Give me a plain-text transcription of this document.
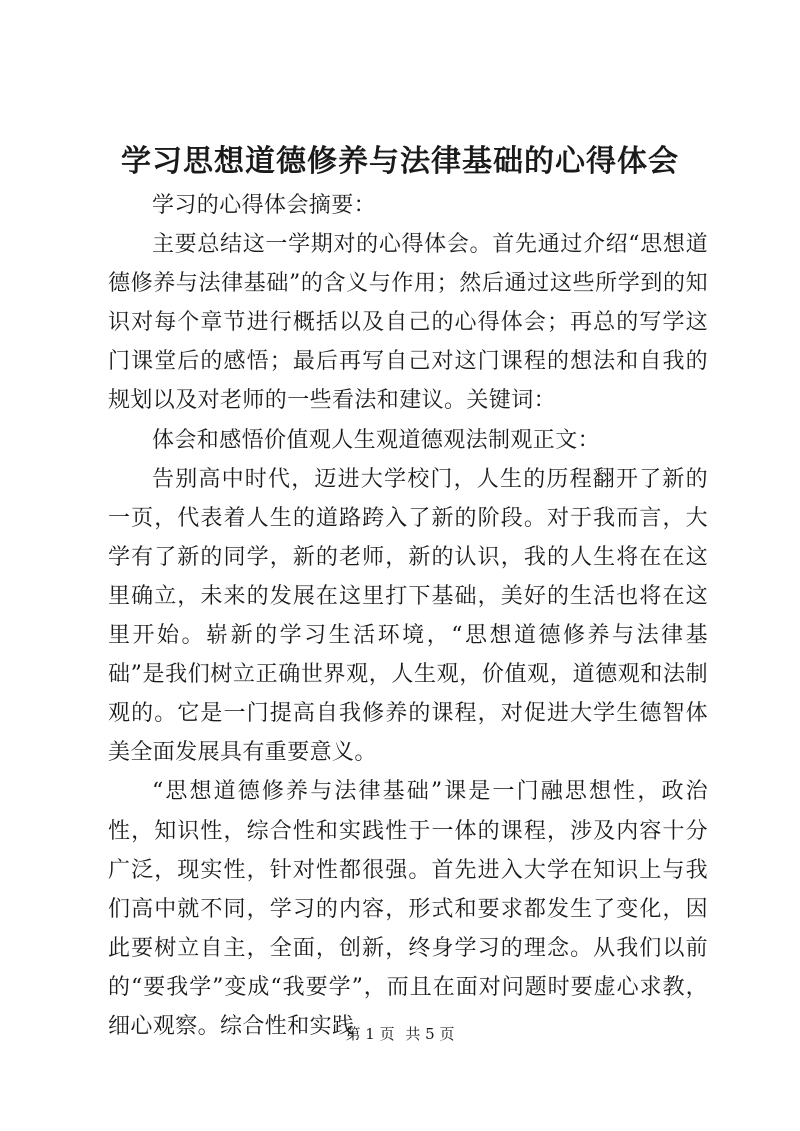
学习思想道德修养与法律基础的心得体会

学习的心得体会摘要：

主要总结这一学期对的心得体会。首先通过介绍“思想道德修养与法律基础”的含义与作用；然后通过这些所学到的知识对每个章节进行概括以及自己的心得体会；再总的写学这门课堂后的感悟；最后再写自己对这门课程的想法和自我的规划以及对老师的一些看法和建议。关键词：

体会和感悟价值观人生观道德观法制观正文：

告别高中时代，迈进大学校门，人生的历程翻开了新的一页，代表着人生的道路跨入了新的阶段。对于我而言，大学有了新的同学，新的老师，新的认识，我的人生将在在这里确立，未来的发展在这里打下基础，美好的生活也将在这里开始。崭新的学习生活环境，“思想道德修养与法律基础”是我们树立正确世界观，人生观，价值观，道德观和法制观的。它是一门提高自我修养的课程，对促进大学生德智体美全面发展具有重要意义。

“思想道德修养与法律基础”课是一门融思想性，政治性，知识性，综合性和实践性于一体的课程，涉及内容十分广泛，现实性，针对性都很强。首先进入大学在知识上与我们高中就不同，学习的内容，形式和要求都发生了变化，因此要树立自主，全面，创新，终身学习的理念。从我们以前的“要我学”变成“我要学”，而且在面对问题时要虚心求教，细心观察。综合性和实践

第 1 页 共 5 页
